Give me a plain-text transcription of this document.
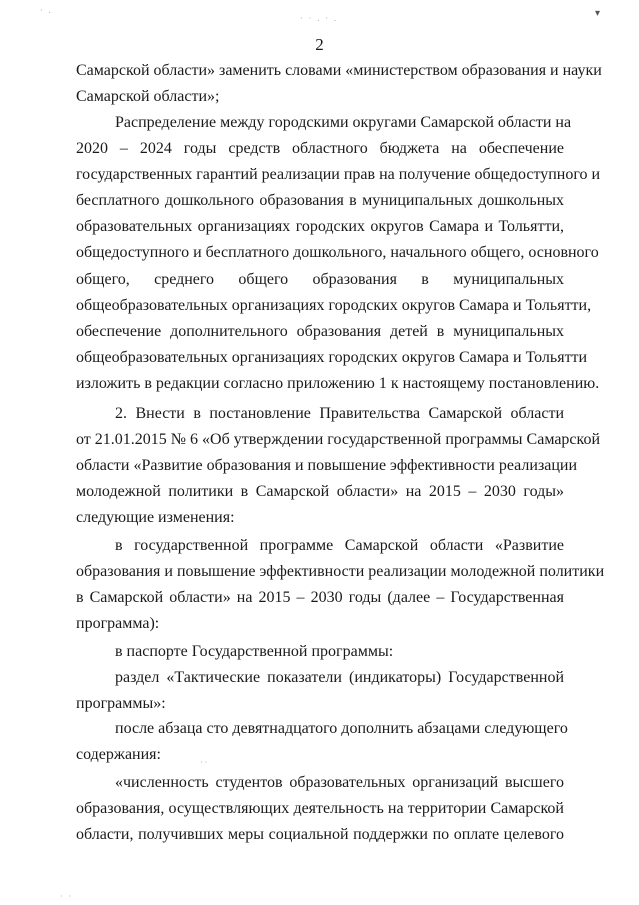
· .
· · . · .	▾
··
· ·
2
Самарской области» заменить словами «министерством образования и науки
Самарской области»;
Распределение между городскими округами Самарской области на
2020 – 2024 годы средств областного бюджета на обеспечение
государственных гарантий реализации прав на получение общедоступного и
бесплатного дошкольного образования в муниципальных дошкольных
образовательных организациях городских округов Самара и Тольятти,
общедоступного и бесплатного дошкольного, начального общего, основного
общего, среднего общего образования в муниципальных
общеобразовательных организациях городских округов Самара и Тольятти,
обеспечение дополнительного образования детей в муниципальных
общеобразовательных организациях городских округов Самара и Тольятти
изложить в редакции согласно приложению 1 к настоящему постановлению.
2. Внести в постановление Правительства Самарской области
от 21.01.2015 № 6 «Об утверждении государственной программы Самарской
области «Развитие образования и повышение эффективности реализации
молодежной политики в Самарской области» на 2015 – 2030 годы»
следующие изменения:
в государственной программе Самарской области «Развитие
образования и повышение эффективности реализации молодежной политики
в Самарской области» на 2015 – 2030 годы (далее – Государственная
программа):
в паспорте Государственной программы:
раздел «Тактические показатели (индикаторы) Государственной
программы»:
после абзаца сто девятнадцатого дополнить абзацами следующего
содержания:
«численность студентов образовательных организаций высшего
образования, осуществляющих деятельность на территории Самарской
области, получивших меры социальной поддержки по оплате целевого
